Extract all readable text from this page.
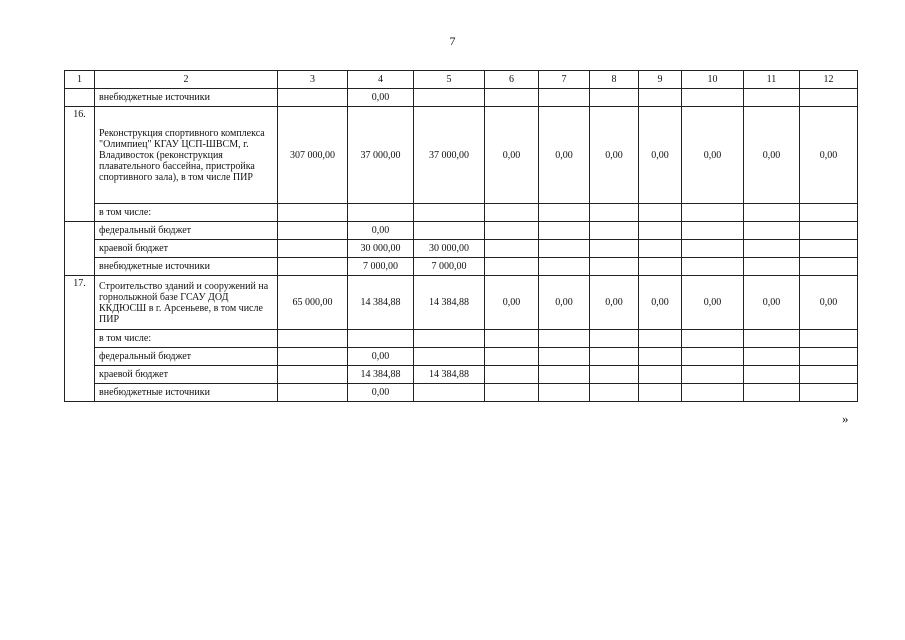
7
1	2	3	4	5	6	7	8	9	10	11	12
	внебюджетные источники		0,00								
16.	Реконструкция спортивного комплекса "Олимпиец" КГАУ ЦСП-ШВСМ, г. Владивосток (реконструкция плавательного бассейна, пристройка спортивного зала), в том числе ПИР	307 000,00	37 000,00	37 000,00	0,00	0,00	0,00	0,00	0,00	0,00	0,00
	в том числе:										
	федеральный бюджет		0,00								
	краевой бюджет		30 000,00	30 000,00							
	внебюджетные источники		7 000,00	7 000,00							
17.	Строительство зданий и сооружений на горнолыжной базе ГСАУ ДОД ККДЮСШ в г. Арсеньеве, в том числе ПИР	65 000,00	14 384,88	14 384,88	0,00	0,00	0,00	0,00	0,00	0,00	0,00
	в том числе:										
	федеральный бюджет		0,00								
	краевой бюджет		14 384,88	14 384,88							
	внебюджетные источники		0,00								
»
